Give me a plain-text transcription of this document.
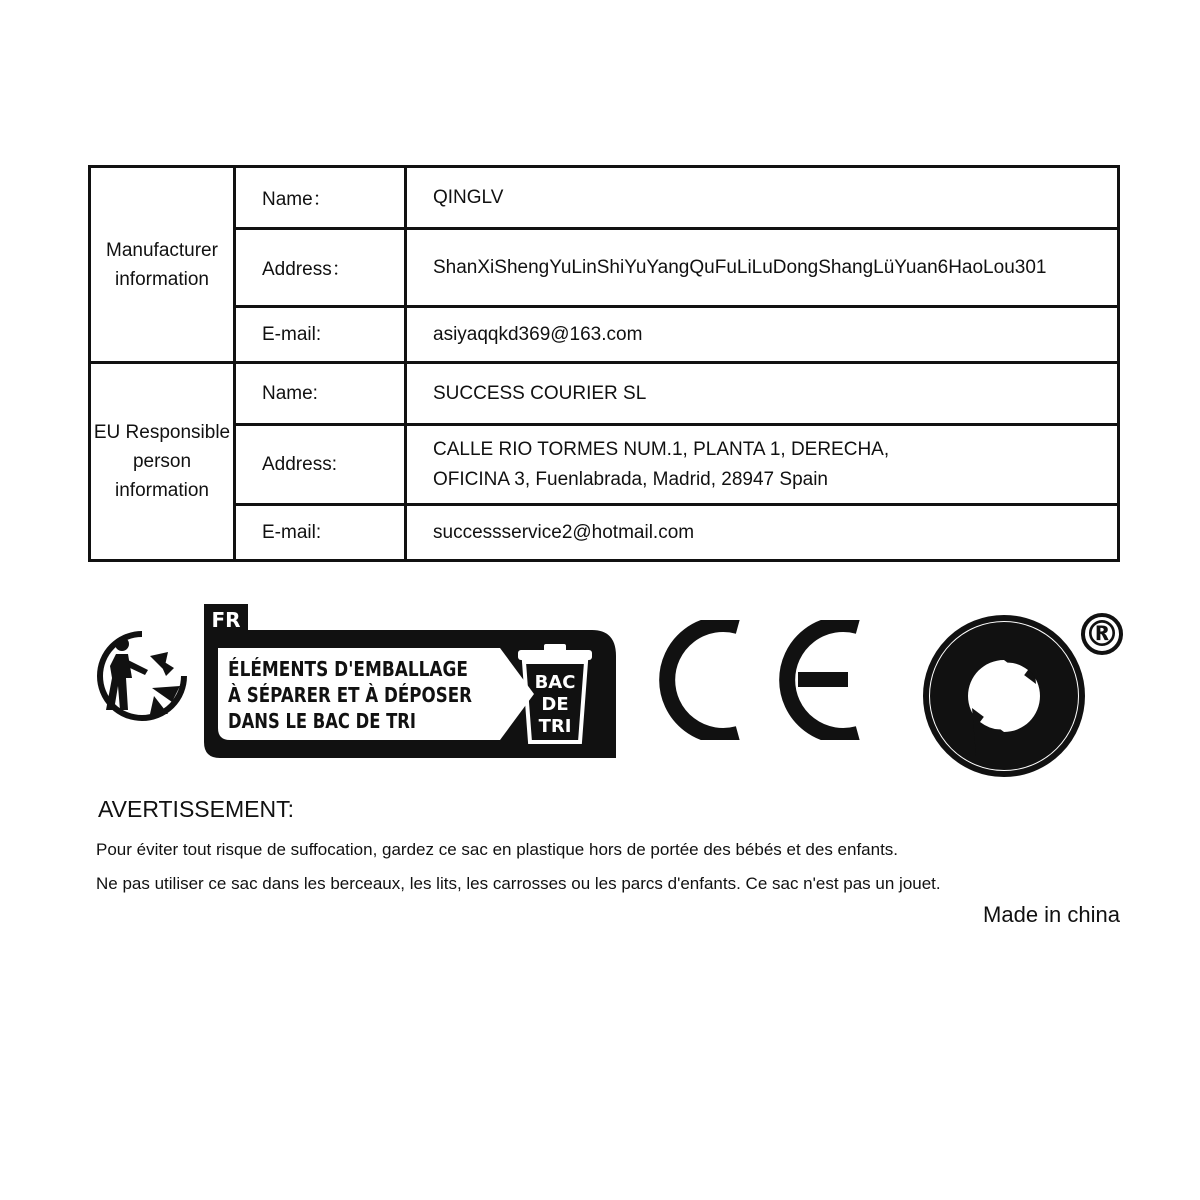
Manufacturer
information	Name：	QINGLV
	Address：	ShanXiShengYuLinShiYuYangQuFuLiLuDongShangLüYuan6HaoLou301
	E-mail:	asiyaqqkd369@163.com
EU Responsible
person
information	Name:	SUCCESS COURIER SL
	Address:	CALLE RIO TORMES NUM.1, PLANTA 1, DERECHA,
OFICINA 3, Fuenlabrada, Madrid, 28947 Spain
	E-mail:	successservice2@hotmail.com
FR
ÉLÉMENTS D'EMBALLAGE
À SÉPARER ET À DÉPOSER
DANS LE BAC DE TRI
BAC
DE
TRI
®
AVERTISSEMENT:
Pour éviter tout risque de suffocation, gardez ce sac en plastique hors de portée des bébés et des enfants.
Ne pas utiliser ce sac dans les berceaux, les lits, les carrosses ou les parcs d'enfants. Ce sac n'est pas un jouet.
Made in china
